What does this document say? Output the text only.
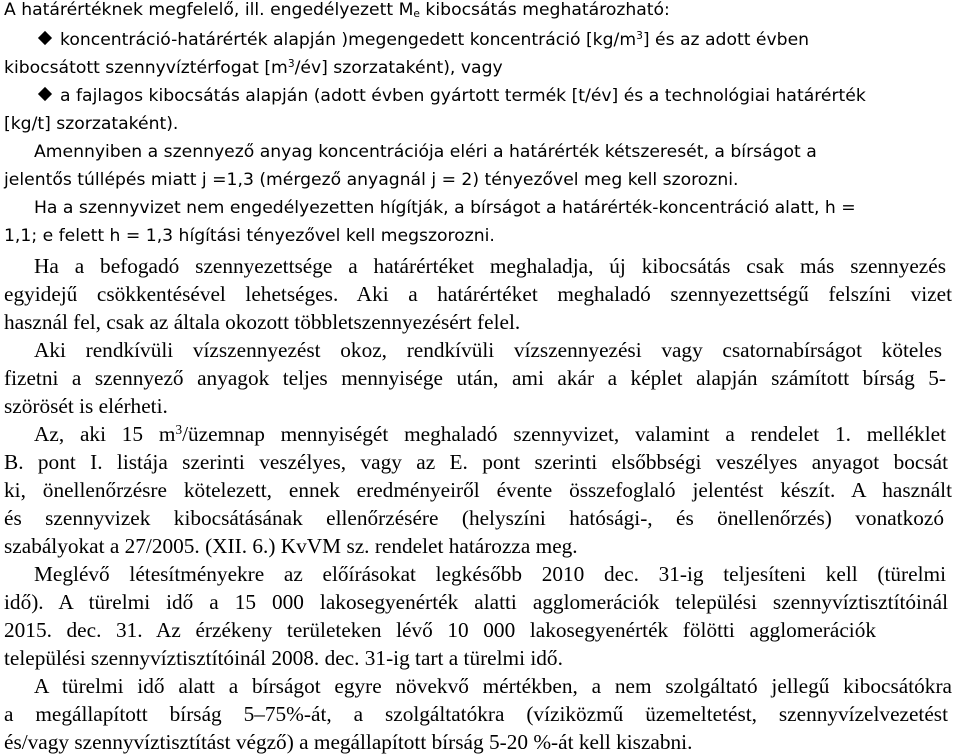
A határértéknek megfelelő, ill. engedélyezett $M_e$ kibocsátás meghatározható:
koncentráció-határérték alapján )megengedett koncentráció $[kg/m^3]$ és az adott évben
kibocsátott szennyvíztérfogat $[m^3/év]$ szorzataként), vagy
a fajlagos kibocsátás alapján (adott évben gyártott termék [t/év] és a technológiai határérték
[kg/t] szorzataként).
Amennyiben a szennyező anyag koncentrációja eléri a határérték kétszeresét, a bírságot a
jelentős túllépés miatt j =1,3 (mérgező anyagnál j = 2) tényezővel meg kell szorozni.
Ha a szennyvizet nem engedélyezetten hígítják, a bírságot a határérték-koncentráció alatt, h =
1,1; e felett h = 1,3 hígítási tényezővel kell megszorozni.
Ha a befogadó szennyezettsége a határértéket meghaladja, új kibocsátás csak más szennyezés
egyidejű csökkentésével lehetséges. Aki a határértéket meghaladó szennyezettségű felszíni vizet
használ fel, csak az általa okozott többletszennyezésért felel.
Aki rendkívüli vízszennyezést okoz, rendkívüli vízszennyezési vagy csatornabírságot köteles
fizetni a szennyező anyagok teljes mennyisége után, ami akár a képlet alapján számított bírság 5-
szörösét is elérheti.
Az, aki 15 $m^3$/üzemnap mennyiségét meghaladó szennyvizet, valamint a rendelet 1. melléklet
B. pont I. listája szerinti veszélyes, vagy az E. pont szerinti elsőbbségi veszélyes anyagot bocsát
ki, önellenőrzésre kötelezett, ennek eredményeiről évente összefoglaló jelentést készít. A használt
és szennyvizek kibocsátásának ellenőrzésére (helyszíni hatósági-, és önellenőrzés) vonatkozó
szabályokat a 27/2005. (XII. 6.) KvVM sz. rendelet határozza meg.
Meglévő létesítményekre az előírásokat legkésőbb 2010 dec. 31-ig teljesíteni kell (türelmi
idő). A türelmi idő a 15 000 lakosegyenérték alatti agglomerációk települési szennyvíztisztítóinál
2015. dec. 31. Az érzékeny területeken lévő 10 000 lakosegyenérték fölötti agglomerációk
települési szennyvíztisztítóinál 2008. dec. 31-ig tart a türelmi idő.
A türelmi idő alatt a bírságot egyre növekvő mértékben, a nem szolgáltató jellegű kibocsátókra
a megállapított bírság 5–75%-át, a szolgáltatókra (víziközmű üzemeltetést, szennyvízelvezetést
és/vagy szennyvíztisztítást végző) a megállapított bírság 5-20 %-át kell kiszabni.
